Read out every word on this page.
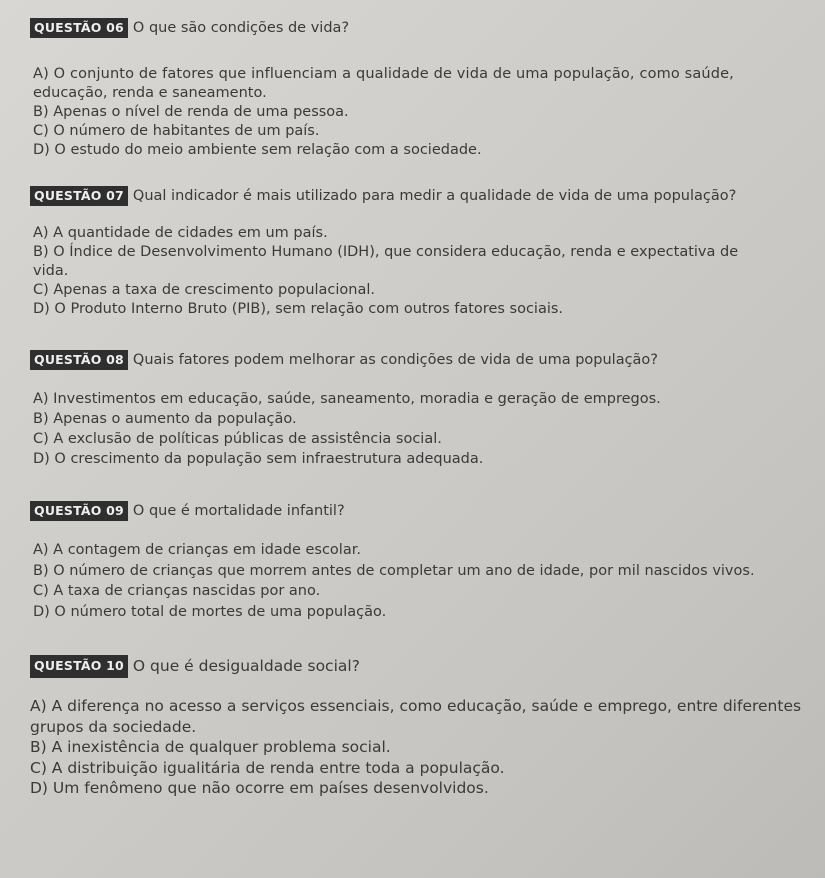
QUESTÃO 06 O que são condições de vida?

A) O conjunto de fatores que influenciam a qualidade de vida de uma população, como saúde,

educação, renda e saneamento.

B) Apenas o nível de renda de uma pessoa.

C) O número de habitantes de um país.

D) O estudo do meio ambiente sem relação com a sociedade.

QUESTÃO 07 Qual indicador é mais utilizado para medir a qualidade de vida de uma população?

A) A quantidade de cidades em um país.

B) O Índice de Desenvolvimento Humano (IDH), que considera educação, renda e expectativa de

vida.

C) Apenas a taxa de crescimento populacional.

D) O Produto Interno Bruto (PIB), sem relação com outros fatores sociais.

QUESTÃO 08 Quais fatores podem melhorar as condições de vida de uma população?

A) Investimentos em educação, saúde, saneamento, moradia e geração de empregos.

B) Apenas o aumento da população.

C) A exclusão de políticas públicas de assistência social.

D) O crescimento da população sem infraestrutura adequada.

QUESTÃO 09 O que é mortalidade infantil?

A) A contagem de crianças em idade escolar.

B) O número de crianças que morrem antes de completar um ano de idade, por mil nascidos vivos.

C) A taxa de crianças nascidas por ano.

D) O número total de mortes de uma população.

QUESTÃO 10 O que é desigualdade social?

A) A diferença no acesso a serviços essenciais, como educação, saúde e emprego, entre diferentes

grupos da sociedade.

B) A inexistência de qualquer problema social.

C) A distribuição igualitária de renda entre toda a população.

D) Um fenômeno que não ocorre em países desenvolvidos.
